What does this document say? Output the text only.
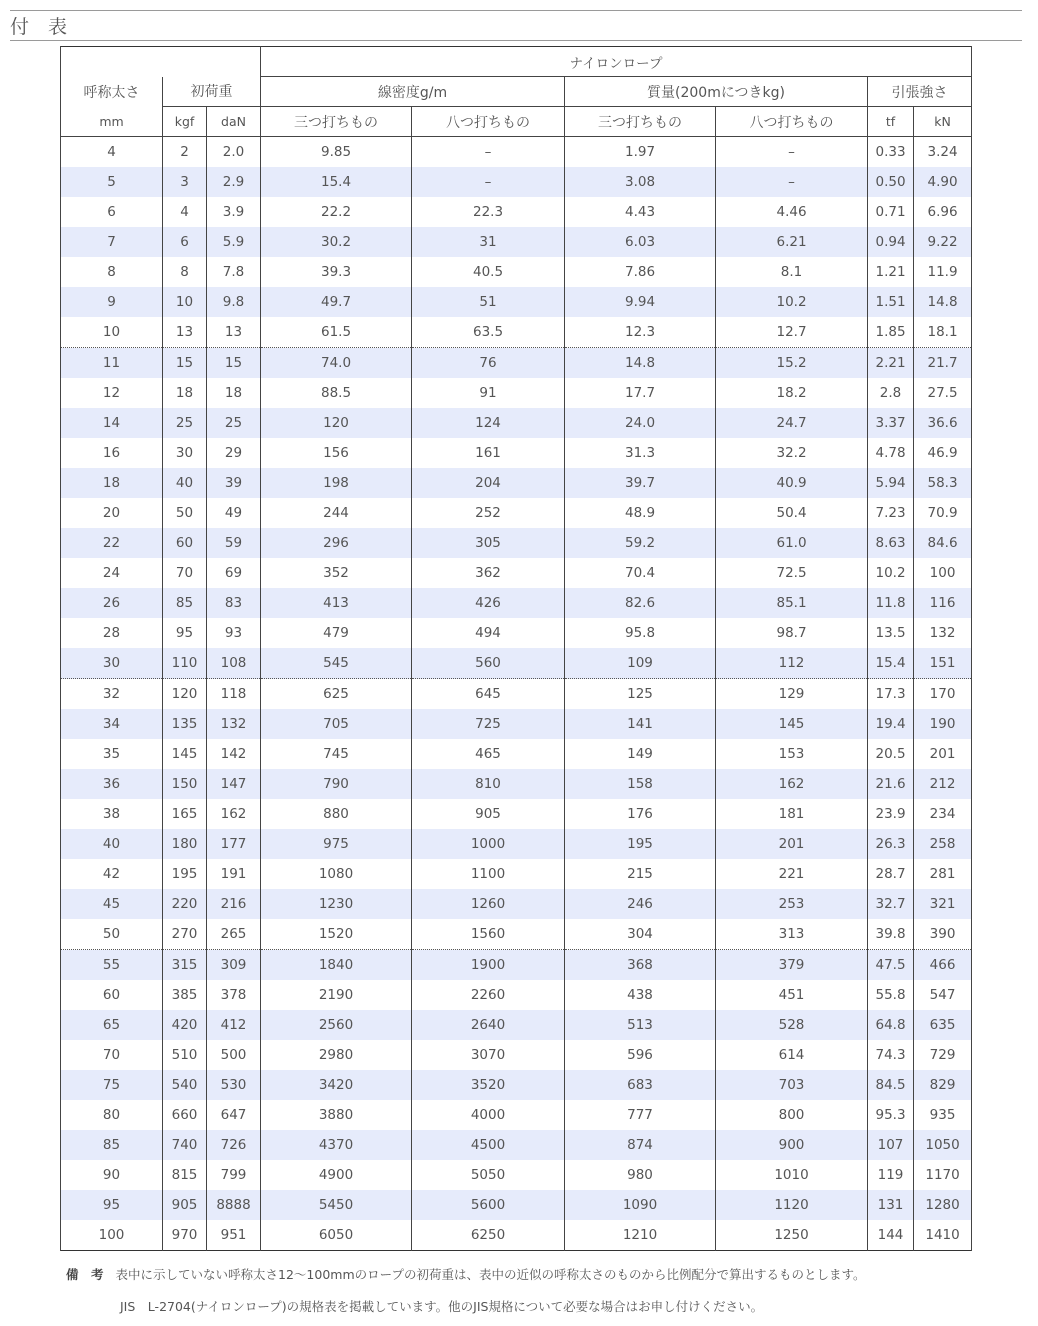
付　表
			ナイロンロープ					
呼称太さ	初荷重		線密度g/m		質量(200mにつきkg)		引張強さ	
mm	kgf	daN	三つ打ちもの	八つ打ちもの	三つ打ちもの	八つ打ちもの	tf	kN
4	2	2.0	9.85	–	1.97	–	0.33	3.24
5	3	2.9	15.4	–	3.08	–	0.50	4.90
6	4	3.9	22.2	22.3	4.43	4.46	0.71	6.96
7	6	5.9	30.2	31	6.03	6.21	0.94	9.22
8	8	7.8	39.3	40.5	7.86	8.1	1.21	11.9
9	10	9.8	49.7	51	9.94	10.2	1.51	14.8
10	13	13	61.5	63.5	12.3	12.7	1.85	18.1
11	15	15	74.0	76	14.8	15.2	2.21	21.7
12	18	18	88.5	91	17.7	18.2	2.8	27.5
14	25	25	120	124	24.0	24.7	3.37	36.6
16	30	29	156	161	31.3	32.2	4.78	46.9
18	40	39	198	204	39.7	40.9	5.94	58.3
20	50	49	244	252	48.9	50.4	7.23	70.9
22	60	59	296	305	59.2	61.0	8.63	84.6
24	70	69	352	362	70.4	72.5	10.2	100
26	85	83	413	426	82.6	85.1	11.8	116
28	95	93	479	494	95.8	98.7	13.5	132
30	110	108	545	560	109	112	15.4	151
32	120	118	625	645	125	129	17.3	170
34	135	132	705	725	141	145	19.4	190
35	145	142	745	465	149	153	20.5	201
36	150	147	790	810	158	162	21.6	212
38	165	162	880	905	176	181	23.9	234
40	180	177	975	1000	195	201	26.3	258
42	195	191	1080	1100	215	221	28.7	281
45	220	216	1230	1260	246	253	32.7	321
50	270	265	1520	1560	304	313	39.8	390
55	315	309	1840	1900	368	379	47.5	466
60	385	378	2190	2260	438	451	55.8	547
65	420	412	2560	2640	513	528	64.8	635
70	510	500	2980	3070	596	614	74.3	729
75	540	530	3420	3520	683	703	84.5	829
80	660	647	3880	4000	777	800	95.3	935
85	740	726	4370	4500	874	900	107	1050
90	815	799	4900	5050	980	1010	119	1170
95	905	8888	5450	5600	1090	1120	131	1280
100	970	951	6050	6250	1210	1250	144	1410
備　考 表中に示していない呼称太さ12〜100mmのロープの初荷重は、表中の近似の呼称太さのものから比例配分で算出するものとします。
JIS　L-2704(ナイロンロープ)の規格表を掲載しています。他のJIS規格について必要な場合はお申し付けください。
